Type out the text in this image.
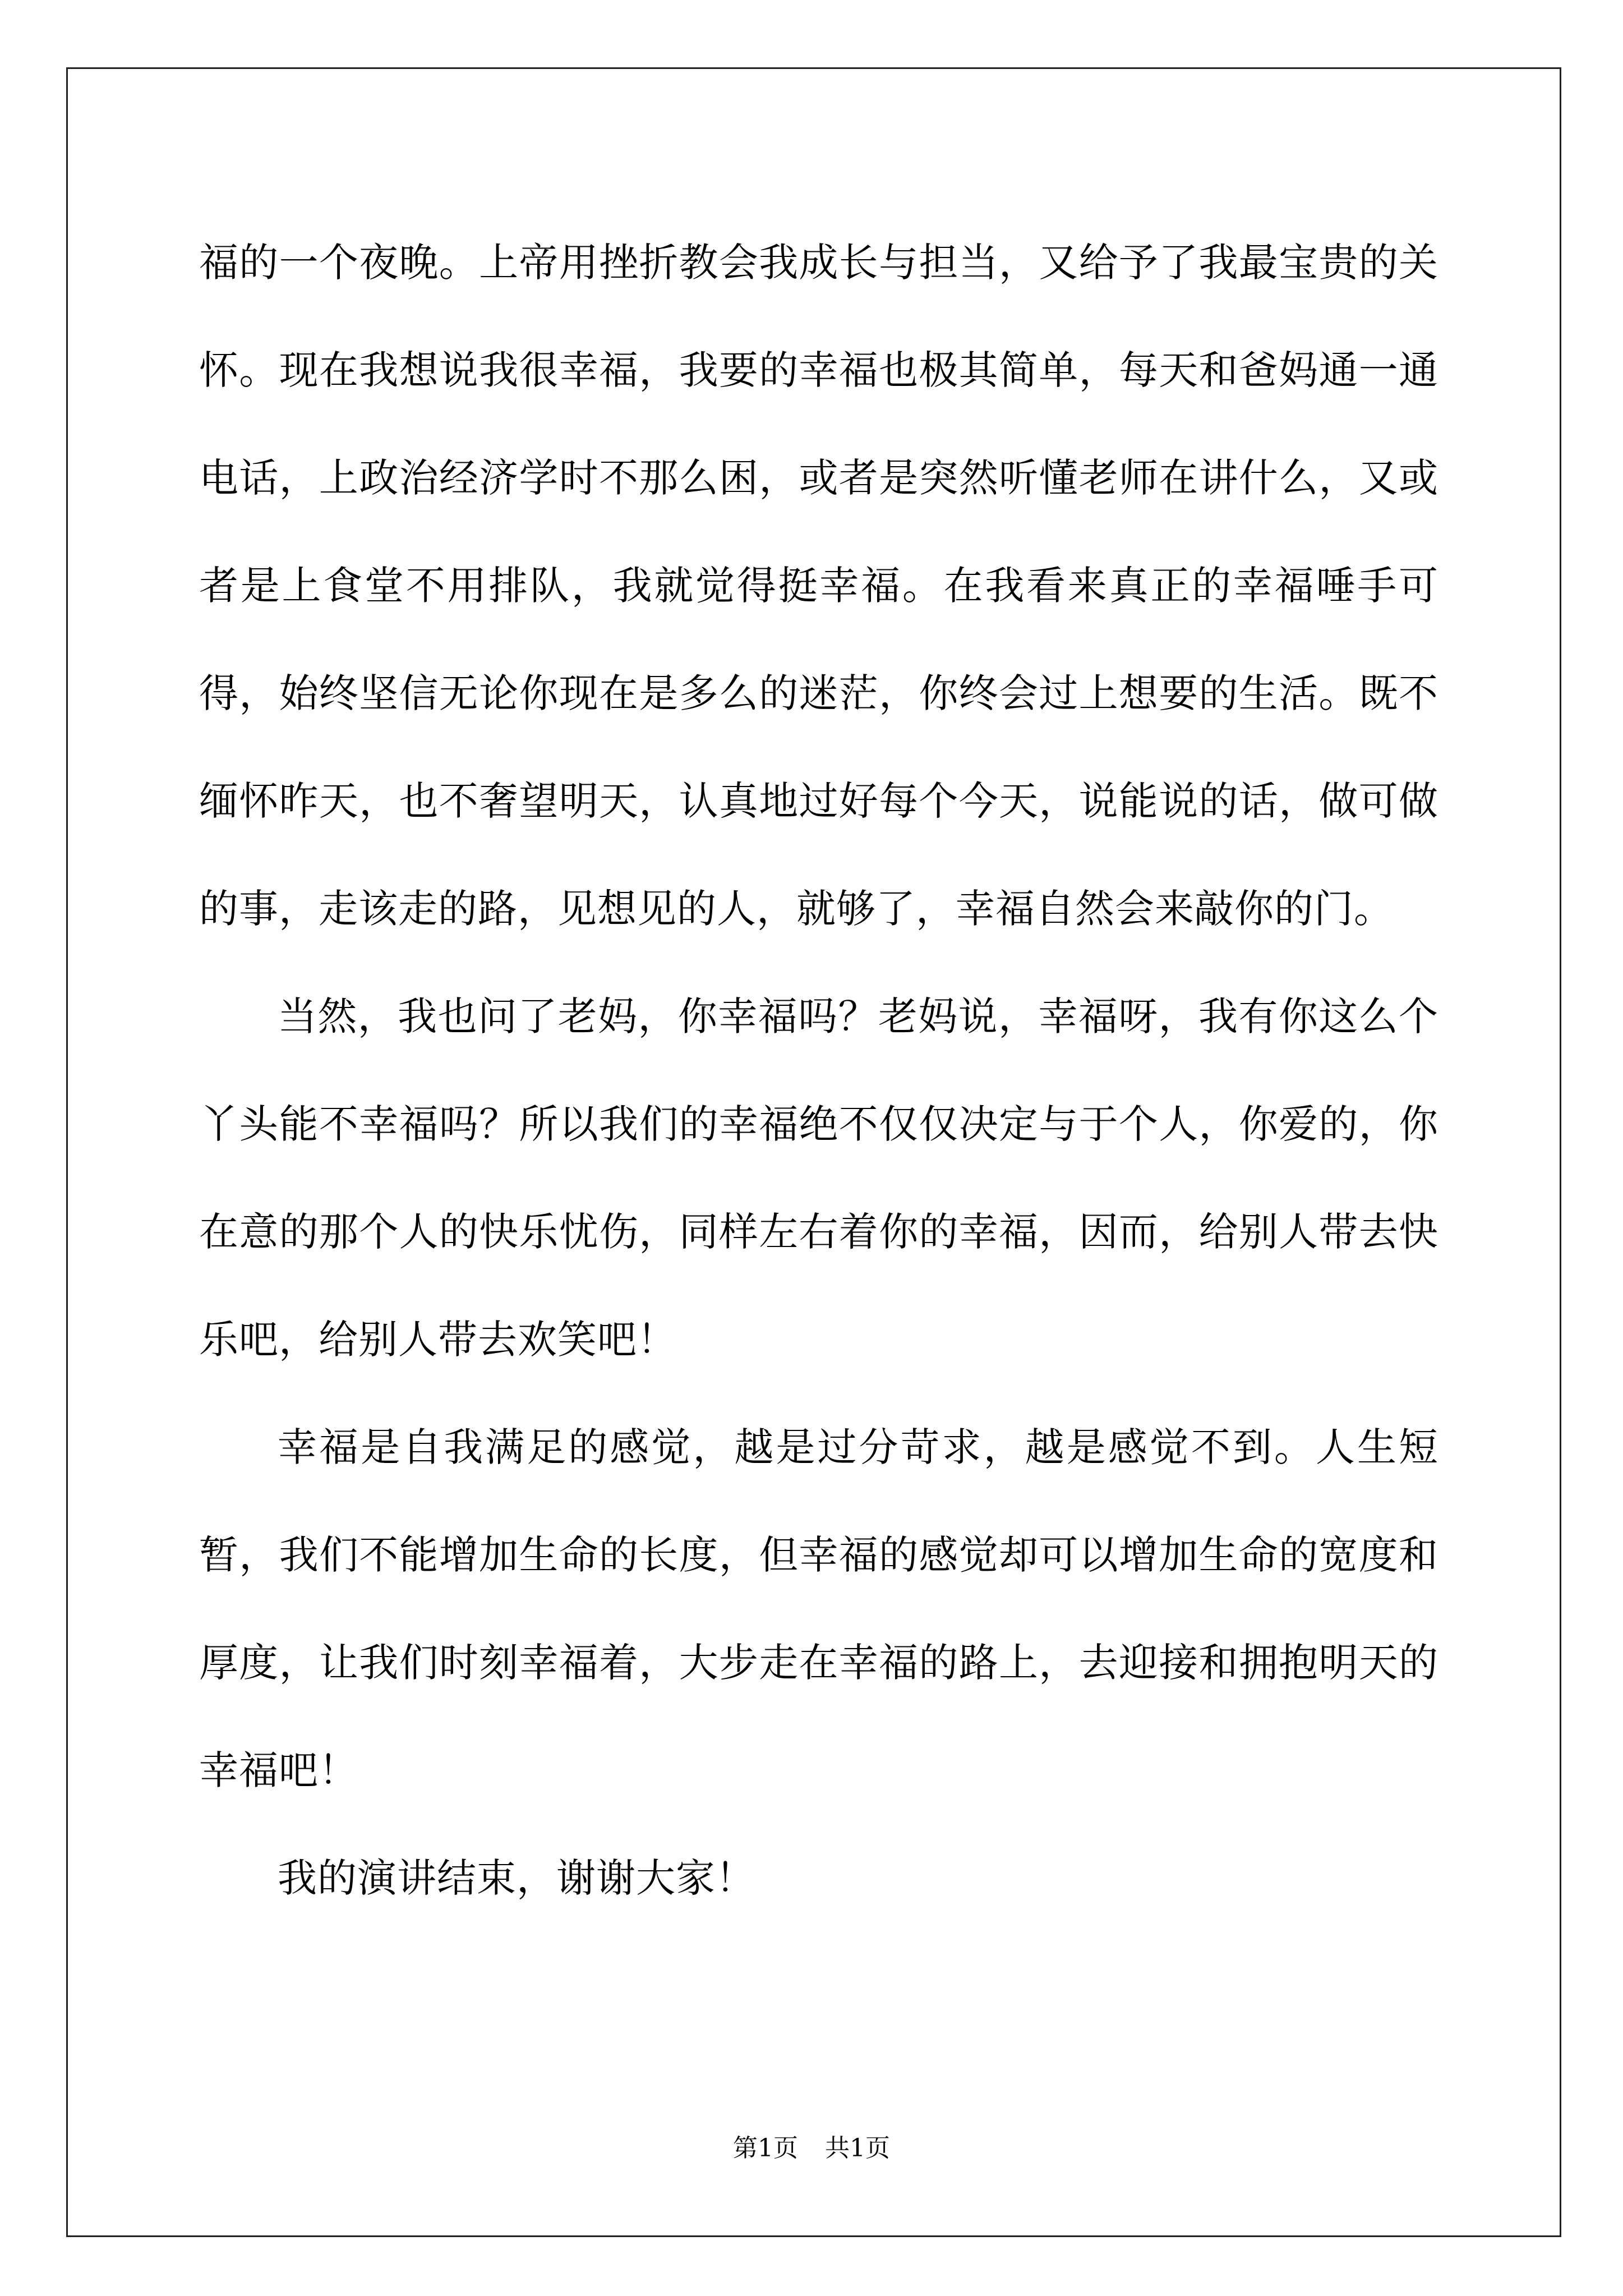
福的一个夜晚。上帝用挫折教会我成长与担当，又给予了我最宝贵的关怀。现在我想说我很幸福，我要的幸福也极其简单，每天和爸妈通一通电话，上政治经济学时不那么困，或者是突然听懂老师在讲什么，又或者是上食堂不用排队，我就觉得挺幸福。在我看来真正的幸福唾手可得，始终坚信无论你现在是多么的迷茫，你终会过上想要的生活。既不缅怀昨天，也不奢望明天，认真地过好每个今天，说能说的话，做可做的事，走该走的路，见想见的人，就够了，幸福自然会来敲你的门。

当然，我也问了老妈，你幸福吗？老妈说，幸福呀，我有你这么个丫头能不幸福吗？所以我们的幸福绝不仅仅决定与于个人，你爱的，你在意的那个人的快乐忧伤，同样左右着你的幸福，因而，给别人带去快乐吧，给别人带去欢笑吧！

幸福是自我满足的感觉，越是过分苛求，越是感觉不到。人生短暂，我们不能增加生命的长度，但幸福的感觉却可以增加生命的宽度和厚度，让我们时刻幸福着，大步走在幸福的路上，去迎接和拥抱明天的幸福吧！

我的演讲结束，谢谢大家！

第1页 共1页
